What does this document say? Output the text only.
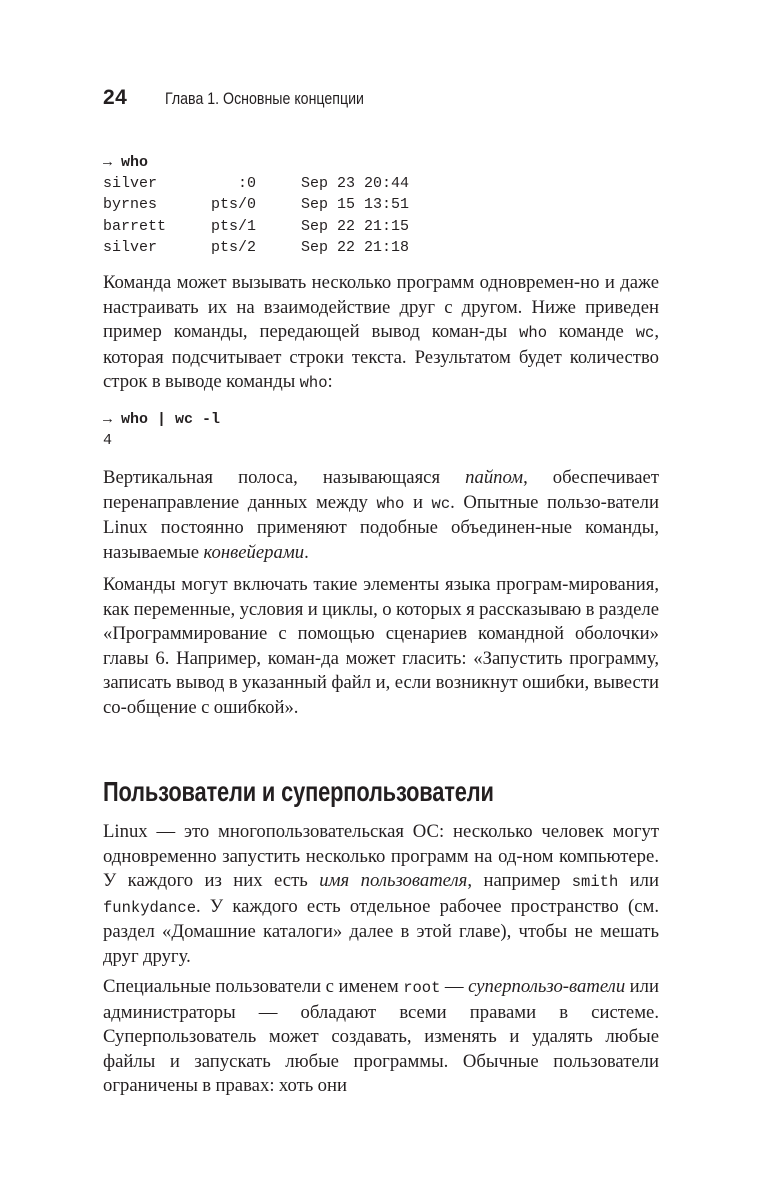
24 Глава 1. Основные концепции
→ who
silver         :0     Sep 23 20:44
byrnes      pts/0     Sep 15 13:51
barrett     pts/1     Sep 22 21:15
silver      pts/2     Sep 22 21:18

Команда может вызывать несколько программ одновремен-но и даже настраивать их на взаимодействие друг с другом. Ниже приведен пример команды, передающей вывод коман-ды who команде wc, которая подсчитывает строки текста. Результатом будет количество строк в выводе команды who:

→ who | wc -l
4

Вертикальная полоса, называющаяся пайпом, обеспечивает перенаправление данных между who и wc. Опытные пользо-ватели Linux постоянно применяют подобные объединен-ные команды, называемые конвейерами.

Команды могут включать такие элементы языка програм-мирования, как переменные, условия и циклы, о которых я рассказываю в разделе «Программирование с помощью сценариев командной оболочки» главы 6. Например, коман-да может гласить: «Запустить программу, записать вывод в указанный файл и, если возникнут ошибки, вывести со-общение с ошибкой».

Пользователи и суперпользователи

Linux — это многопользовательская ОС: несколько человек могут одновременно запустить несколько программ на од-ном компьютере. У каждого из них есть имя пользователя, например smith или funkydance. У каждого есть отдельное рабочее пространство (см. раздел «Домашние каталоги» далее в этой главе), чтобы не мешать друг другу.

Специальные пользователи с именем root — суперпользо-ватели или администраторы — обладают всеми правами в системе. Суперпользователь может создавать, изменять и удалять любые файлы и запускать любые программы. Обычные пользователи ограничены в правах: хоть они
